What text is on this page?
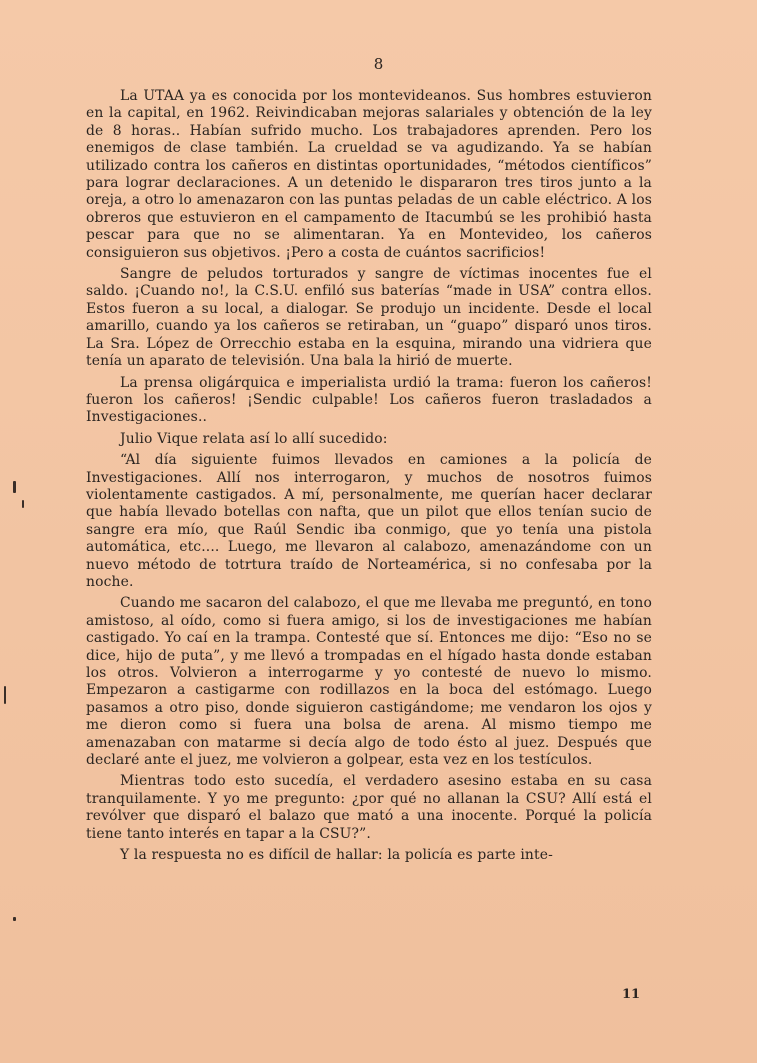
8

La UTAA ya es conocida por los montevideanos. Sus hombres estuvieron en la capital, en 1962. Reivindicaban mejoras salariales y obtención de la ley de 8 horas.. Habían sufrido mucho. Los trabajadores aprenden. Pero los enemigos de clase también. La crueldad se va agudizando. Ya se habían utilizado contra los cañeros en distintas oportunidades, “métodos científicos” para lograr declaraciones. A un detenido le dispararon tres tiros junto a la oreja, a otro lo amenazaron con las puntas peladas de un cable eléctrico. A los obreros que estuvieron en el campamento de Itacumbú se les prohibió hasta pescar para que no se alimentaran. Ya en Montevideo, los cañeros consiguieron sus objetivos. ¡Pero a costa de cuántos sacrificios!

Sangre de peludos torturados y sangre de víctimas inocentes fue el saldo. ¡Cuando no!, la C.S.U. enfiló sus baterías “made in USA” contra ellos. Estos fueron a su local, a dialogar. Se produjo un incidente. Desde el local amarillo, cuando ya los cañeros se retiraban, un “guapo” disparó unos tiros. La Sra. López de Orrecchio estaba en la esquina, mirando una vidriera que tenía un aparato de televisión. Una bala la hirió de muerte.

La prensa oligárquica e imperialista urdió la trama: fueron los cañeros! fueron los cañeros! ¡Sendic culpable! Los cañeros fueron trasladados a Investigaciones..

Julio Vique relata así lo allí sucedido:

“Al día siguiente fuimos llevados en camiones a la policía de Investigaciones. Allí nos interrogaron, y muchos de nosotros fuimos violentamente castigados. A mí, personalmente, me querían hacer declarar que había llevado botellas con nafta, que un pilot que ellos tenían sucio de sangre era mío, que Raúl Sendic iba conmigo, que yo tenía una pistola automática, etc.... Luego, me llevaron al calabozo, amenazándome con un nuevo método de totrtura traído de Norteamérica, si no confesaba por la noche.

Cuando me sacaron del calabozo, el que me llevaba me preguntó, en tono amistoso, al oído, como si fuera amigo, si los de investigaciones me habían castigado. Yo caí en la trampa. Contesté que sí. Entonces me dijo: “Eso no se dice, hijo de puta”, y me llevó a trompadas en el hígado hasta donde estaban los otros. Volvieron a interrogarme y yo contesté de nuevo lo mismo. Empezaron a castigarme con rodillazos en la boca del estómago. Luego pasamos a otro piso, donde siguieron castigándome; me vendaron los ojos y me dieron como si fuera una bolsa de arena. Al mismo tiempo me amenazaban con matarme si decía algo de todo ésto al juez. Después que declaré ante el juez, me volvieron a golpear, esta vez en los testículos.

Mientras todo esto sucedía, el verdadero asesino estaba en su casa tranquilamente. Y yo me pregunto: ¿por qué no allanan la CSU? Allí está el revólver que disparó el balazo que mató a una inocente. Porqué la policía tiene tanto interés en tapar a la CSU?”.

Y la respuesta no es difícil de hallar: la policía es parte inte-

11
